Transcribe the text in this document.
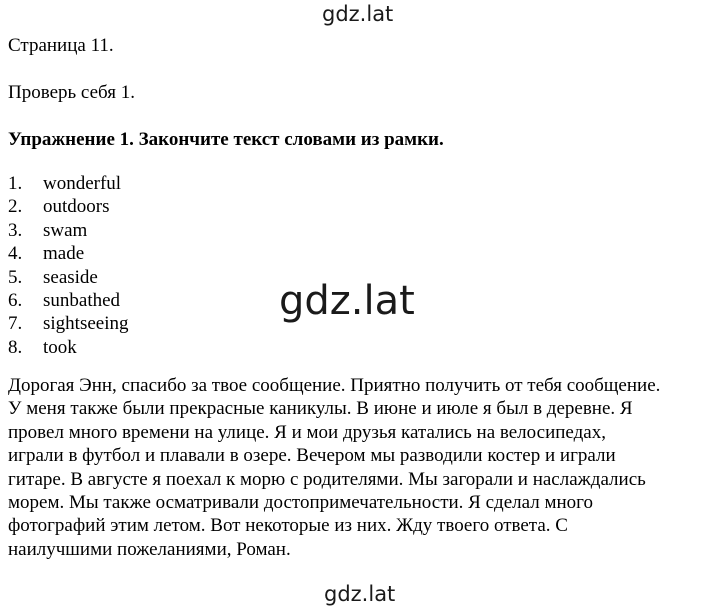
gdz.lat
Страница 11.
Проверь себя 1.
Упражнение 1. Закончите текст словами из рамки.
1. wonderful
2. outdoors
3. swam
4. made
5. seaside
6. sunbathed
7. sightseeing
8. took
gdz.lat
Дорогая Энн, спасибо за твое сообщение. Приятно получить от тебя сообщение.
У меня также были прекрасные каникулы. В июне и июле я был в деревне. Я
провел много времени на улице. Я и мои друзья катались на велосипедах,
играли в футбол и плавали в озере. Вечером мы разводили костер и играли
гитаре. В августе я поехал к морю с родителями. Мы загорали и наслаждались
морем. Мы также осматривали достопримечательности. Я сделал много
фотографий этим летом. Вот некоторые из них. Жду твоего ответа. С
наилучшими пожеланиями, Роман.
gdz.lat
